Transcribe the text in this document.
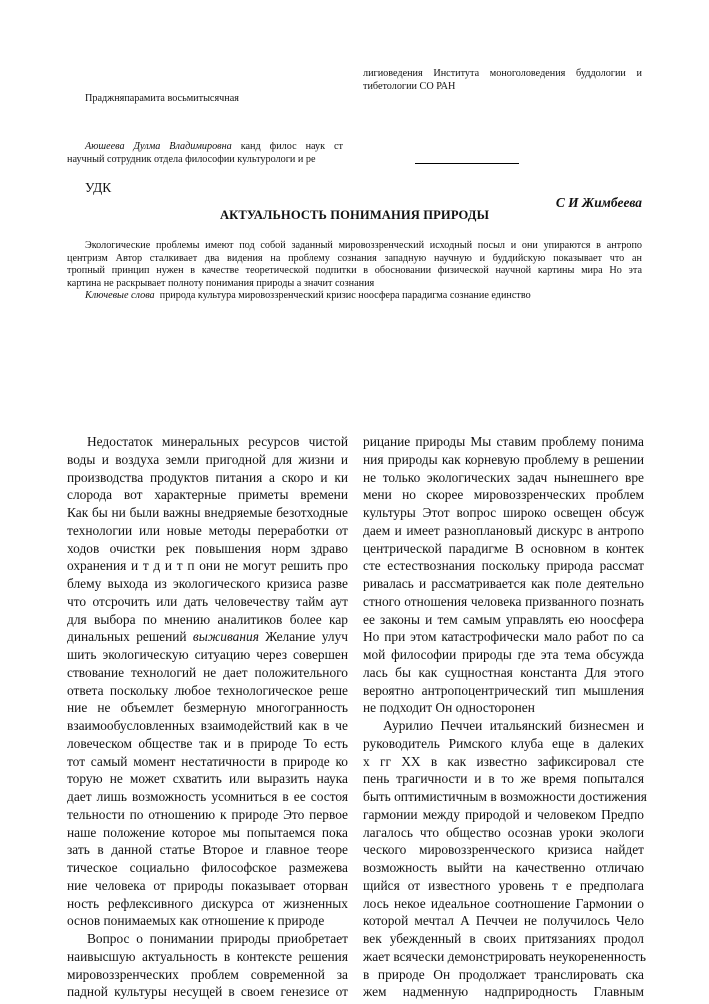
лигиоведения Института моноголоведения буддологии и
тибетологии СО РАН
Праджняпарамита восьмитысячная
Аюшеева Дулма Владимировна канд филос наук ст
научный сотрудник отдела философии культурологи и ре
УДК
С И Жимбеева
АКТУАЛЬНОСТЬ ПОНИМАНИЯ ПРИРОДЫ
Экологические проблемы имеют под собой заданный мировоззренческий исходный посыл и они упираются в антропо
центризм Автор сталкивает два видения на проблему сознания западную научную и буддийскую показывает что ан
тропный принцип нужен в качестве теоретической подпитки в обосновании физической научной картины мира Но эта
картина не раскрывает полноту понимания природы а значит сознания
Ключевые слова природа культура мировоззренческий кризис ноосфера парадигма сознание единство
Недостаток минеральных ресурсов чистой
воды и воздуха земли пригодной для жизни и
производства продуктов питания а скоро и ки
слорода вот характерные приметы времени
Как бы ни были важны внедряемые безотходные
технологии или новые методы переработки от
ходов очистки рек повышения норм здраво
охранения и т д и т п они не могут решить про
блему выхода из экологического кризиса разве
что отсрочить или дать человечеству тайм аут
для выбора по мнению аналитиков более кар
динальных решений выживания Желание улуч
шить экологическую ситуацию через совершен
ствование технологий не дает положительного
ответа поскольку любое технологическое реше
ние не объемлет безмерную многогранность
взаимообусловленных взаимодействий как в че
ловеческом обществе так и в природе То есть
тот самый момент нестатичности в природе ко
торую не может схватить или выразить наука
дает лишь возможность усомниться в ее состоя
тельности по отношению к природе Это первое
наше положение которое мы попытаемся пока
зать в данной статье Второе и главное теоре
тическое социально философское размежева
ние человека от природы показывает оторван
ность рефлексивного дискурса от жизненных
основ понимаемых как отношение к природе
Вопрос о понимании природы приобретает
наивысшую актуальность в контексте решения
мировоззренческих проблем современной за
падной культуры несущей в своем генезисе от
рицание природы Мы ставим проблему понима
ния природы как корневую проблему в решении
не только экологических задач нынешнего вре
мени но скорее мировоззренческих проблем
культуры Этот вопрос широко освещен обсуж
даем и имеет разноплановый дискурс в антропо
центрической парадигме В основном в контек
сте естествознания поскольку природа рассмат
ривалась и рассматривается как поле деятельно
стного отношения человека призванного познать
ее законы и тем самым управлять ею ноосфера
Но при этом катастрофически мало работ по са
мой философии природы где эта тема обсужда
лась бы как сущностная константа Для этого
вероятно антропоцентрический тип мышления
не подходит Он односторонен
Аурилио Печчеи итальянский бизнесмен и
руководитель Римского клуба еще в далеких
х гг XX в как известно зафиксировал сте
пень трагичности и в то же время попытался
быть оптимистичным в возможности достижения
гармонии между природой и человеком Предпо
лагалось что общество осознав уроки экологи
ческого мировоззренческого кризиса найдет
возможность выйти на качественно отличаю
щийся от известного уровень т е предполага
лось некое идеальное соотношение Гармонии о
которой мечтал А Печчеи не получилось Чело
век убежденный в своих притязаниях продол
жает всячески демонстрировать неукорененность
в природе Он продолжает транслировать ска
жем надменную надприродность Главным
